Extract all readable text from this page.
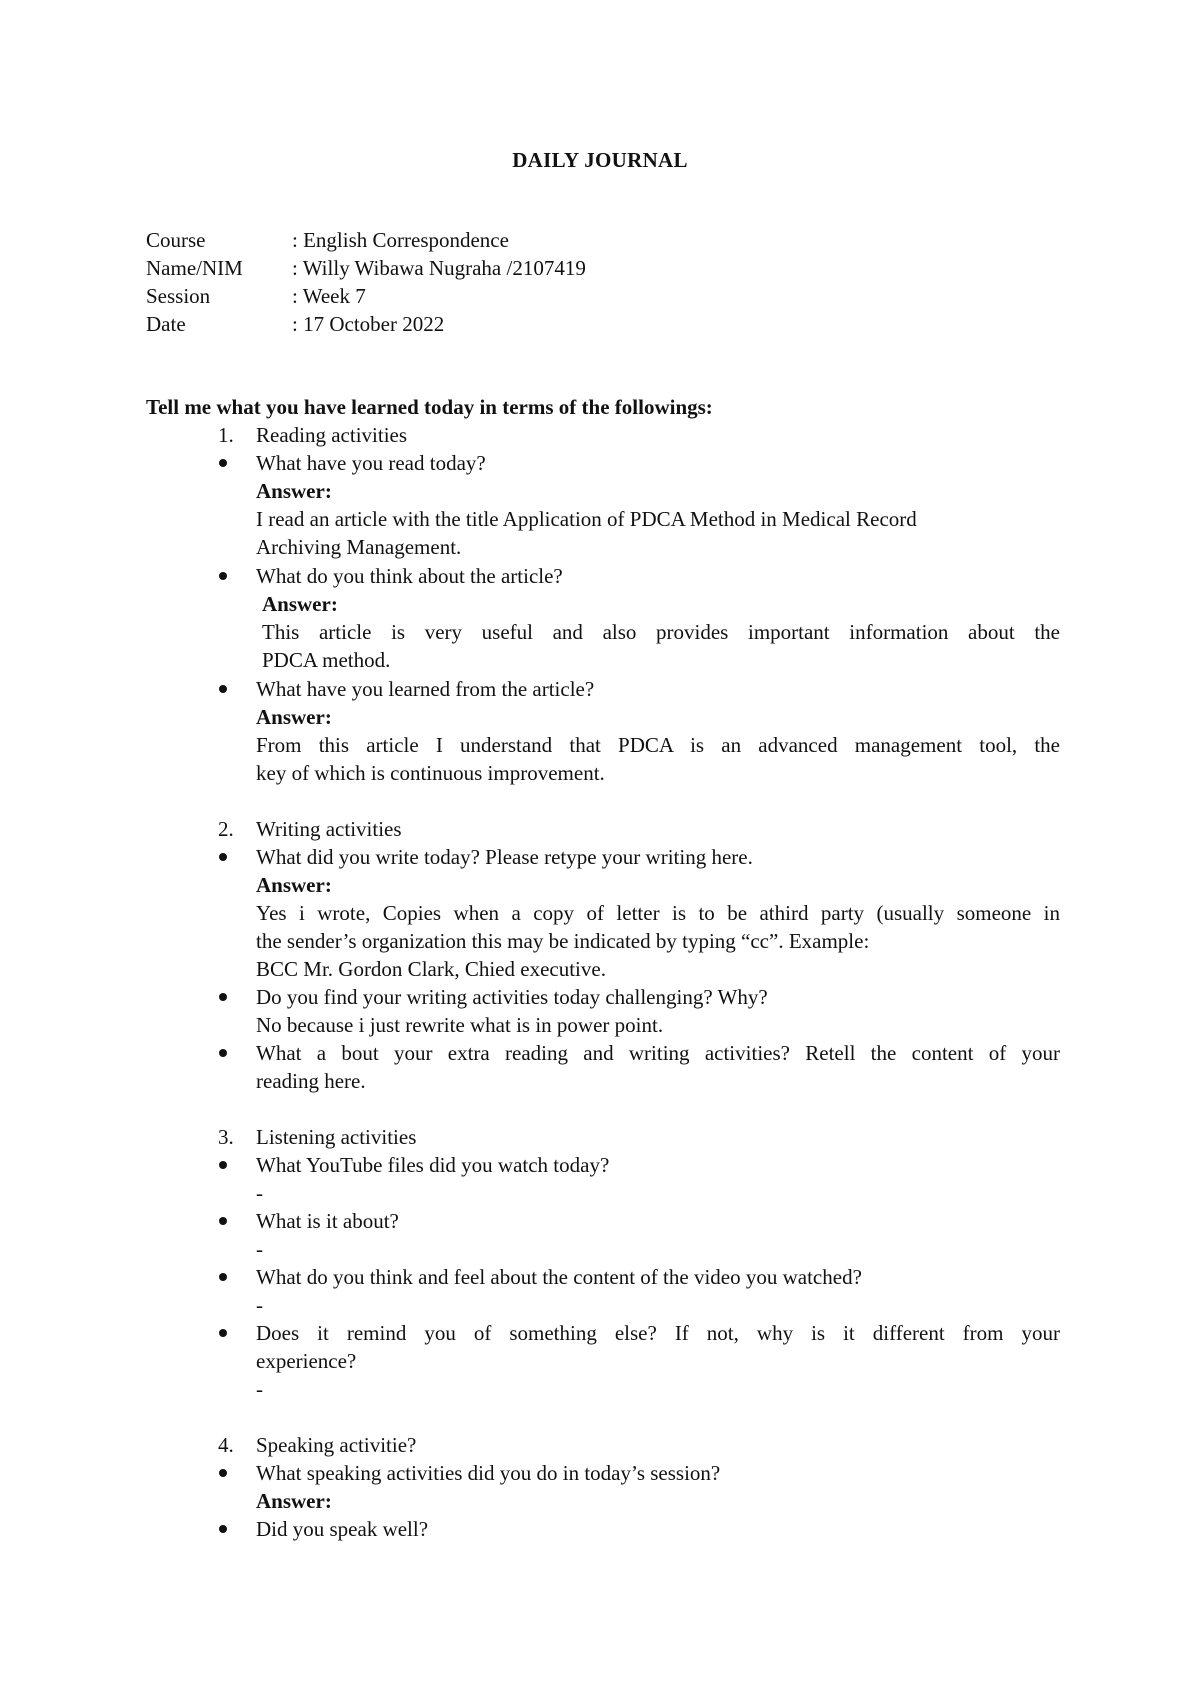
DAILY JOURNAL
Course	: English Correspondence
Name/NIM : Willy Wibawa Nugraha /2107419
Session	: Week 7
Date	: 17 October 2022
Tell me what you have learned today in terms of the followings:
1. Reading activities
What have you read today?
Answer:
I read an article with the title Application of PDCA Method in Medical Record
Archiving Management.
What do you think about the article?
Answer:
This article is very useful and also provides important information about the
PDCA method.
What have you learned from the article?
Answer:
From this article I understand that PDCA is an advanced management tool, the
key of which is continuous improvement.
2. Writing activities
What did you write today? Please retype your writing here.
Answer:
Yes i wrote, Copies when a copy of letter is to be athird party (usually someone in
the sender’s organization this may be indicated by typing “cc”. Example:
BCC Mr. Gordon Clark, Chied executive.
Do you find your writing activities today challenging? Why?
No because i just rewrite what is in power point.
What a bout your extra reading and writing activities? Retell the content of your
reading here.
3. Listening activities
What YouTube files did you watch today?
-
What is it about?
-
What do you think and feel about the content of the video you watched?
-
Does it remind you of something else? If not, why is it different from your
experience?
-
4. Speaking activitie?
What speaking activities did you do in today’s session?
Answer:
Did you speak well?
